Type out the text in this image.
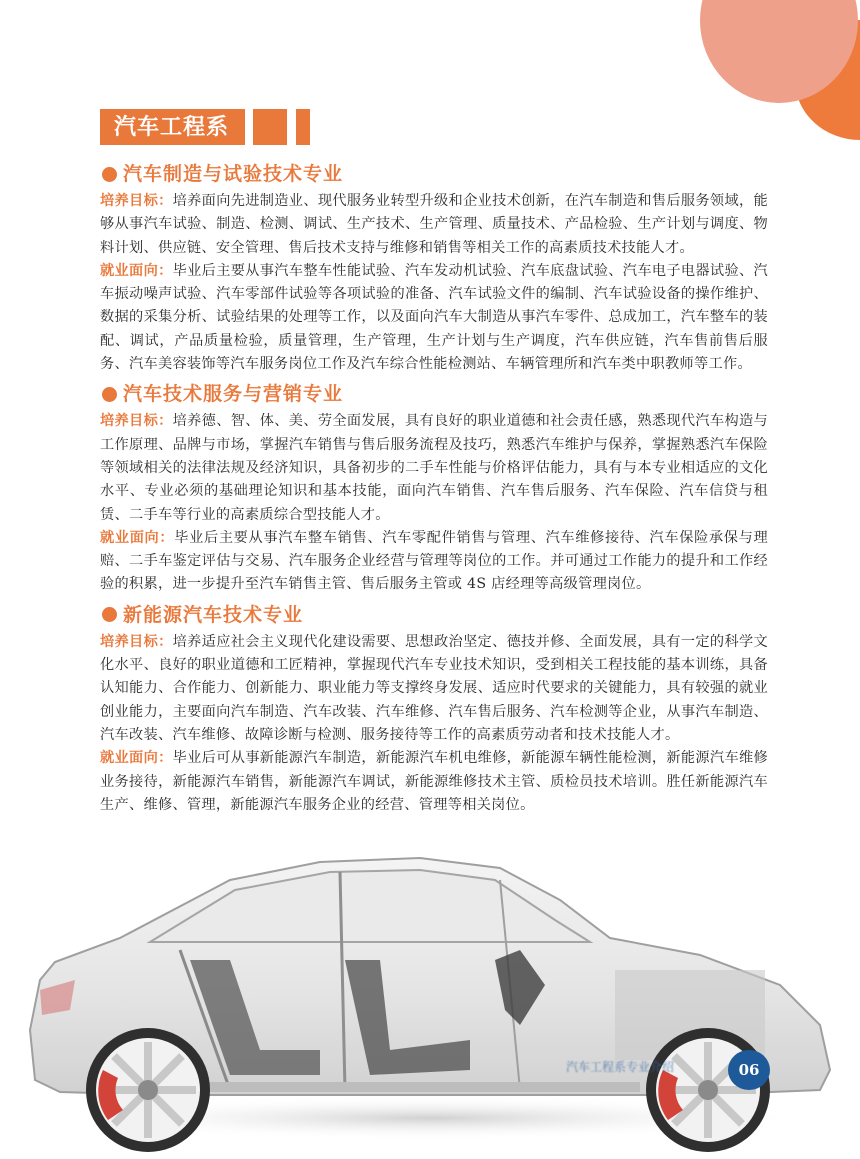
汽车工程系
汽车制造与试验技术专业

培养目标：培养面向先进制造业、现代服务业转型升级和企业技术创新，在汽车制造和售后服务领域，能够从事汽车试验、制造、检测、调试、生产技术、生产管理、质量技术、产品检验、生产计划与调度、物料计划、供应链、安全管理、售后技术支持与维修和销售等相关工作的高素质技术技能人才。

就业面向：毕业后主要从事汽车整车性能试验、汽车发动机试验、汽车底盘试验、汽车电子电器试验、汽车振动噪声试验、汽车零部件试验等各项试验的准备、汽车试验文件的编制、汽车试验设备的操作维护、数据的采集分析、试验结果的处理等工作，以及面向汽车大制造从事汽车零件、总成加工，汽车整车的装配、调试，产品质量检验，质量管理，生产管理，生产计划与生产调度，汽车供应链，汽车售前售后服务、汽车美容装饰等汽车服务岗位工作及汽车综合性能检测站、车辆管理所和汽车类中职教师等工作。

汽车技术服务与营销专业

培养目标：培养德、智、体、美、劳全面发展，具有良好的职业道德和社会责任感，熟悉现代汽车构造与工作原理、品牌与市场，掌握汽车销售与售后服务流程及技巧，熟悉汽车维护与保养，掌握熟悉汽车保险等领域相关的法律法规及经济知识，具备初步的二手车性能与价格评估能力，具有与本专业相适应的文化水平、专业必须的基础理论知识和基本技能，面向汽车销售、汽车售后服务、汽车保险、汽车信贷与租赁、二手车等行业的高素质综合型技能人才。

就业面向：毕业后主要从事汽车整车销售、汽车零配件销售与管理、汽车维修接待、汽车保险承保与理赔、二手车鉴定评估与交易、汽车服务企业经营与管理等岗位的工作。并可通过工作能力的提升和工作经验的积累，进一步提升至汽车销售主管、售后服务主管或 4S 店经理等高级管理岗位。

新能源汽车技术专业

培养目标：培养适应社会主义现代化建设需要、思想政治坚定、德技并修、全面发展，具有一定的科学文化水平、良好的职业道德和工匠精神，掌握现代汽车专业技术知识，受到相关工程技能的基本训练，具备认知能力、合作能力、创新能力、职业能力等支撑终身发展、适应时代要求的关键能力，具有较强的就业创业能力，主要面向汽车制造、汽车改装、汽车维修、汽车售后服务、汽车检测等企业，从事汽车制造、汽车改装、汽车维修、故障诊断与检测、服务接待等工作的高素质劳动者和技术技能人才。

就业面向：毕业后可从事新能源汽车制造，新能源汽车机电维修，新能源车辆性能检测，新能源汽车维修业务接待，新能源汽车销售，新能源汽车调试，新能源维修技术主管、质检员技术培训。胜任新能源汽车生产、维修、管理，新能源汽车服务企业的经营、管理等相关岗位。

汽车工程系专业介绍	06
